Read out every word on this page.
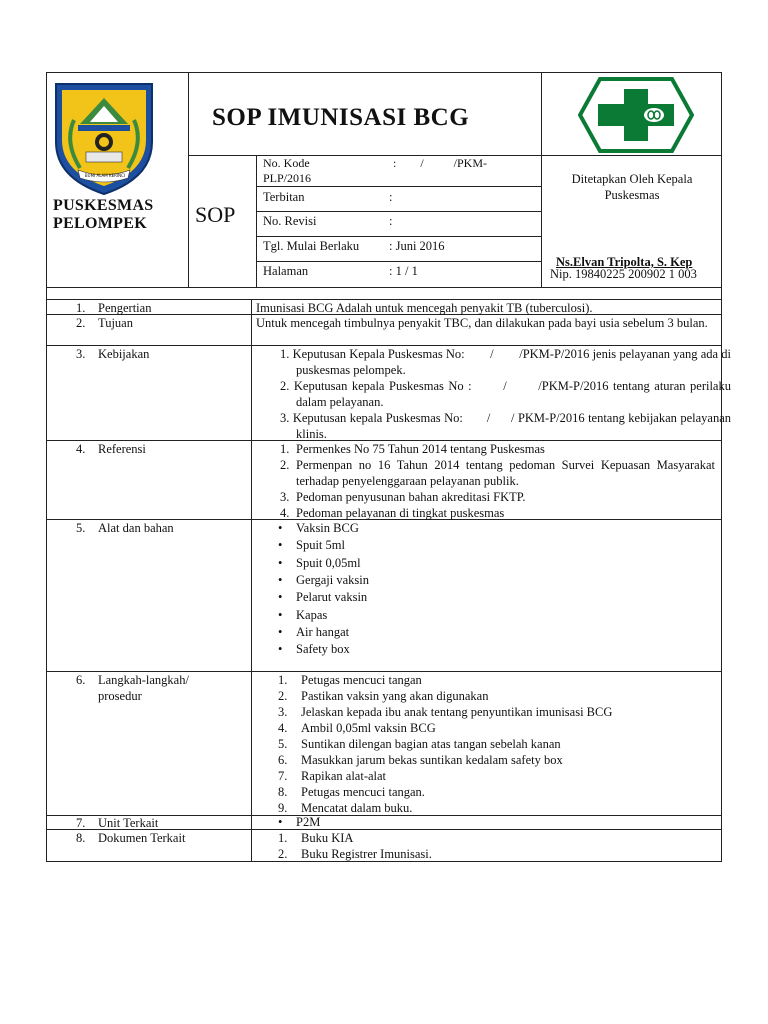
BUMI ALAM KERINCI
PUSKESMAS
PELOMPEK
SOP IMUNISASI BCG
SOP
No. Kode	:        /          /PKM-
PLP/2016
Terbitan	:
No. Revisi	:
Tgl. Mulai Berlaku : Juni 2016
Halaman	: 1 / 1
Ditetapkan Oleh Kepala
Puskesmas
Ns.Elvan Tripolta, S. Kep
Nip. 19840225 200902 1 003
1. Pengertian	Imunisasi BCG Adalah untuk mencegah penyakit TB (tuberculosi).
2. Tujuan	Untuk mencegah timbulnya penyakit TBC, dan dilakukan pada bayi usia sebelum 3 bulan.
3. Kebijakan	1. Keputusan Kepala Puskesmas No:        /        /PKM-P/2016 jenis pelayanan yang ada di puskesmas pelompek.
2. Keputusan kepala Puskesmas No :       /       /PKM-P/2016 tentang aturan perilaku dalam pelayanan.
3. Keputusan kepala Puskesmas No:       /      / PKM-P/2016 tentang kebijakan pelayanan klinis.
4. Referensi	1. Permenkes No 75 Tahun 2014 tentang Puskesmas
2. Permenpan no 16 Tahun 2014 tentang pedoman Survei Kepuasan Masyarakat terhadap penyelenggaraan pelayanan publik.
3. Pedoman penyusunan bahan akreditasi FKTP.
4. Pedoman pelayanan di tingkat puskesmas
5. Alat dan bahan	• Vaksin BCG
• Spuit 5ml
• Spuit 0,05ml
• Gergaji vaksin
• Pelarut vaksin
• Kapas
• Air hangat
• Safety box
6. Langkah-langkah/
prosedur
1. Petugas mencuci tangan
2. Pastikan vaksin yang akan digunakan
3. Jelaskan kepada ibu anak tentang penyuntikan imunisasi BCG
4. Ambil 0,05ml vaksin BCG
5. Suntikan dilengan bagian atas tangan sebelah kanan
6. Masukkan jarum bekas suntikan kedalam safety box
7. Rapikan alat-alat
8. Petugas mencuci tangan.
9. Mencatat dalam buku.
7. Unit Terkait	• P2M
8. Dokumen Terkait	1. Buku KIA
2. Buku Registrer Imunisasi.
